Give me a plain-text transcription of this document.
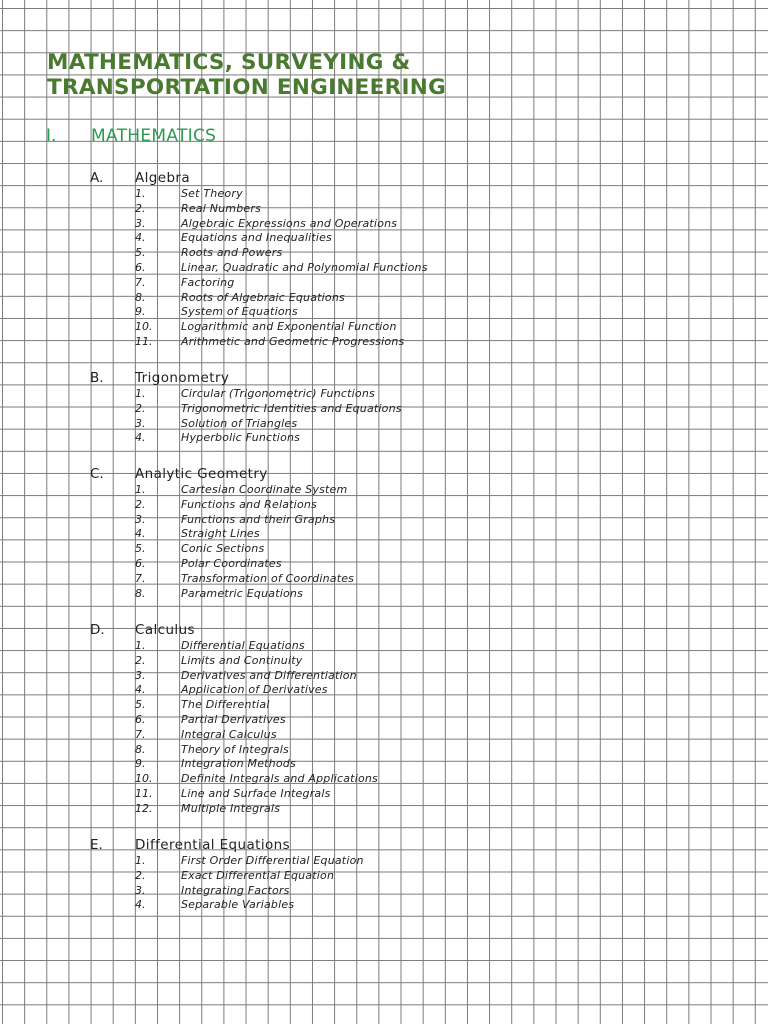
MATHEMATICS, SURVEYING &
TRANSPORTATION ENGINEERING
I. MATHEMATICS
A. Algebra
1.	Set Theory
2.	Real Numbers
3.	Algebraic Expressions and Operations
4.	Equations and Inequalities
5.	Roots and Powers
6.	Linear, Quadratic and Polynomial Functions
7.	Factoring
8.	Roots of Algebraic Equations
9.	System of Equations
10.	Logarithmic and Exponential Function
11.	Arithmetic and Geometric Progressions
B. Trigonometry
1.	Circular (Trigonometric) Functions
2.	Trigonometric Identities and Equations
3.	Solution of Triangles
4.	Hyperbolic Functions
C. Analytic Geometry
1.	Cartesian Coordinate System
2.	Functions and Relations
3.	Functions and their Graphs
4.	Straight Lines
5.	Conic Sections
6.	Polar Coordinates
7.	Transformation of Coordinates
8.	Parametric Equations
D. Calculus
1.	Differential Equations
2.	Limits and Continuity
3.	Derivatives and Differentiation
4.	Application of Derivatives
5.	The Differential
6.	Partial Derivatives
7.	Integral Calculus
8.	Theory of Integrals
9.	Integration Methods
10.	Definite Integrals and Applications
11.	Line and Surface Integrals
12.	Multiple Integrals
E. Differential Equations
1.	First Order Differential Equation
2.	Exact Differential Equation
3.	Integrating Factors
4.	Separable Variables
